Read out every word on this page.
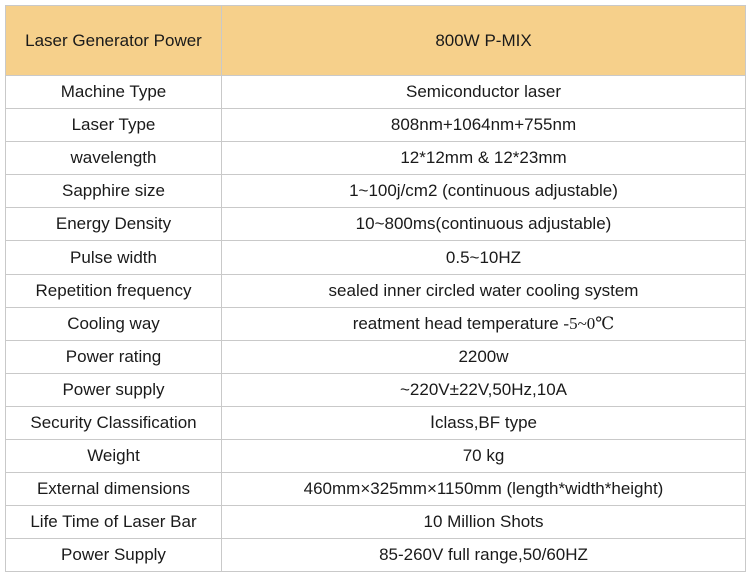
Laser Generator Power	800W P-MIX
Machine Type	Semiconductor laser
Laser Type	808nm+1064nm+755nm
wavelength	12*12mm & 12*23mm
Sapphire size	1~100j/cm2 (continuous adjustable)
Energy Density	10~800ms(continuous adjustable)
Pulse width	0.5~10HZ
Repetition frequency	sealed inner circled water cooling system
Cooling way	reatment head temperature -5~0℃
Power rating	2200w
Power supply	~220V±22V,50Hz,10A
Security Classification	Ⅰclass,BF type
Weight	70 kg
External dimensions	460mm×325mm×1150mm (length*width*height)
Life Time of Laser Bar	10 Million Shots
Power Supply	85-260V full range,50/60HZ
